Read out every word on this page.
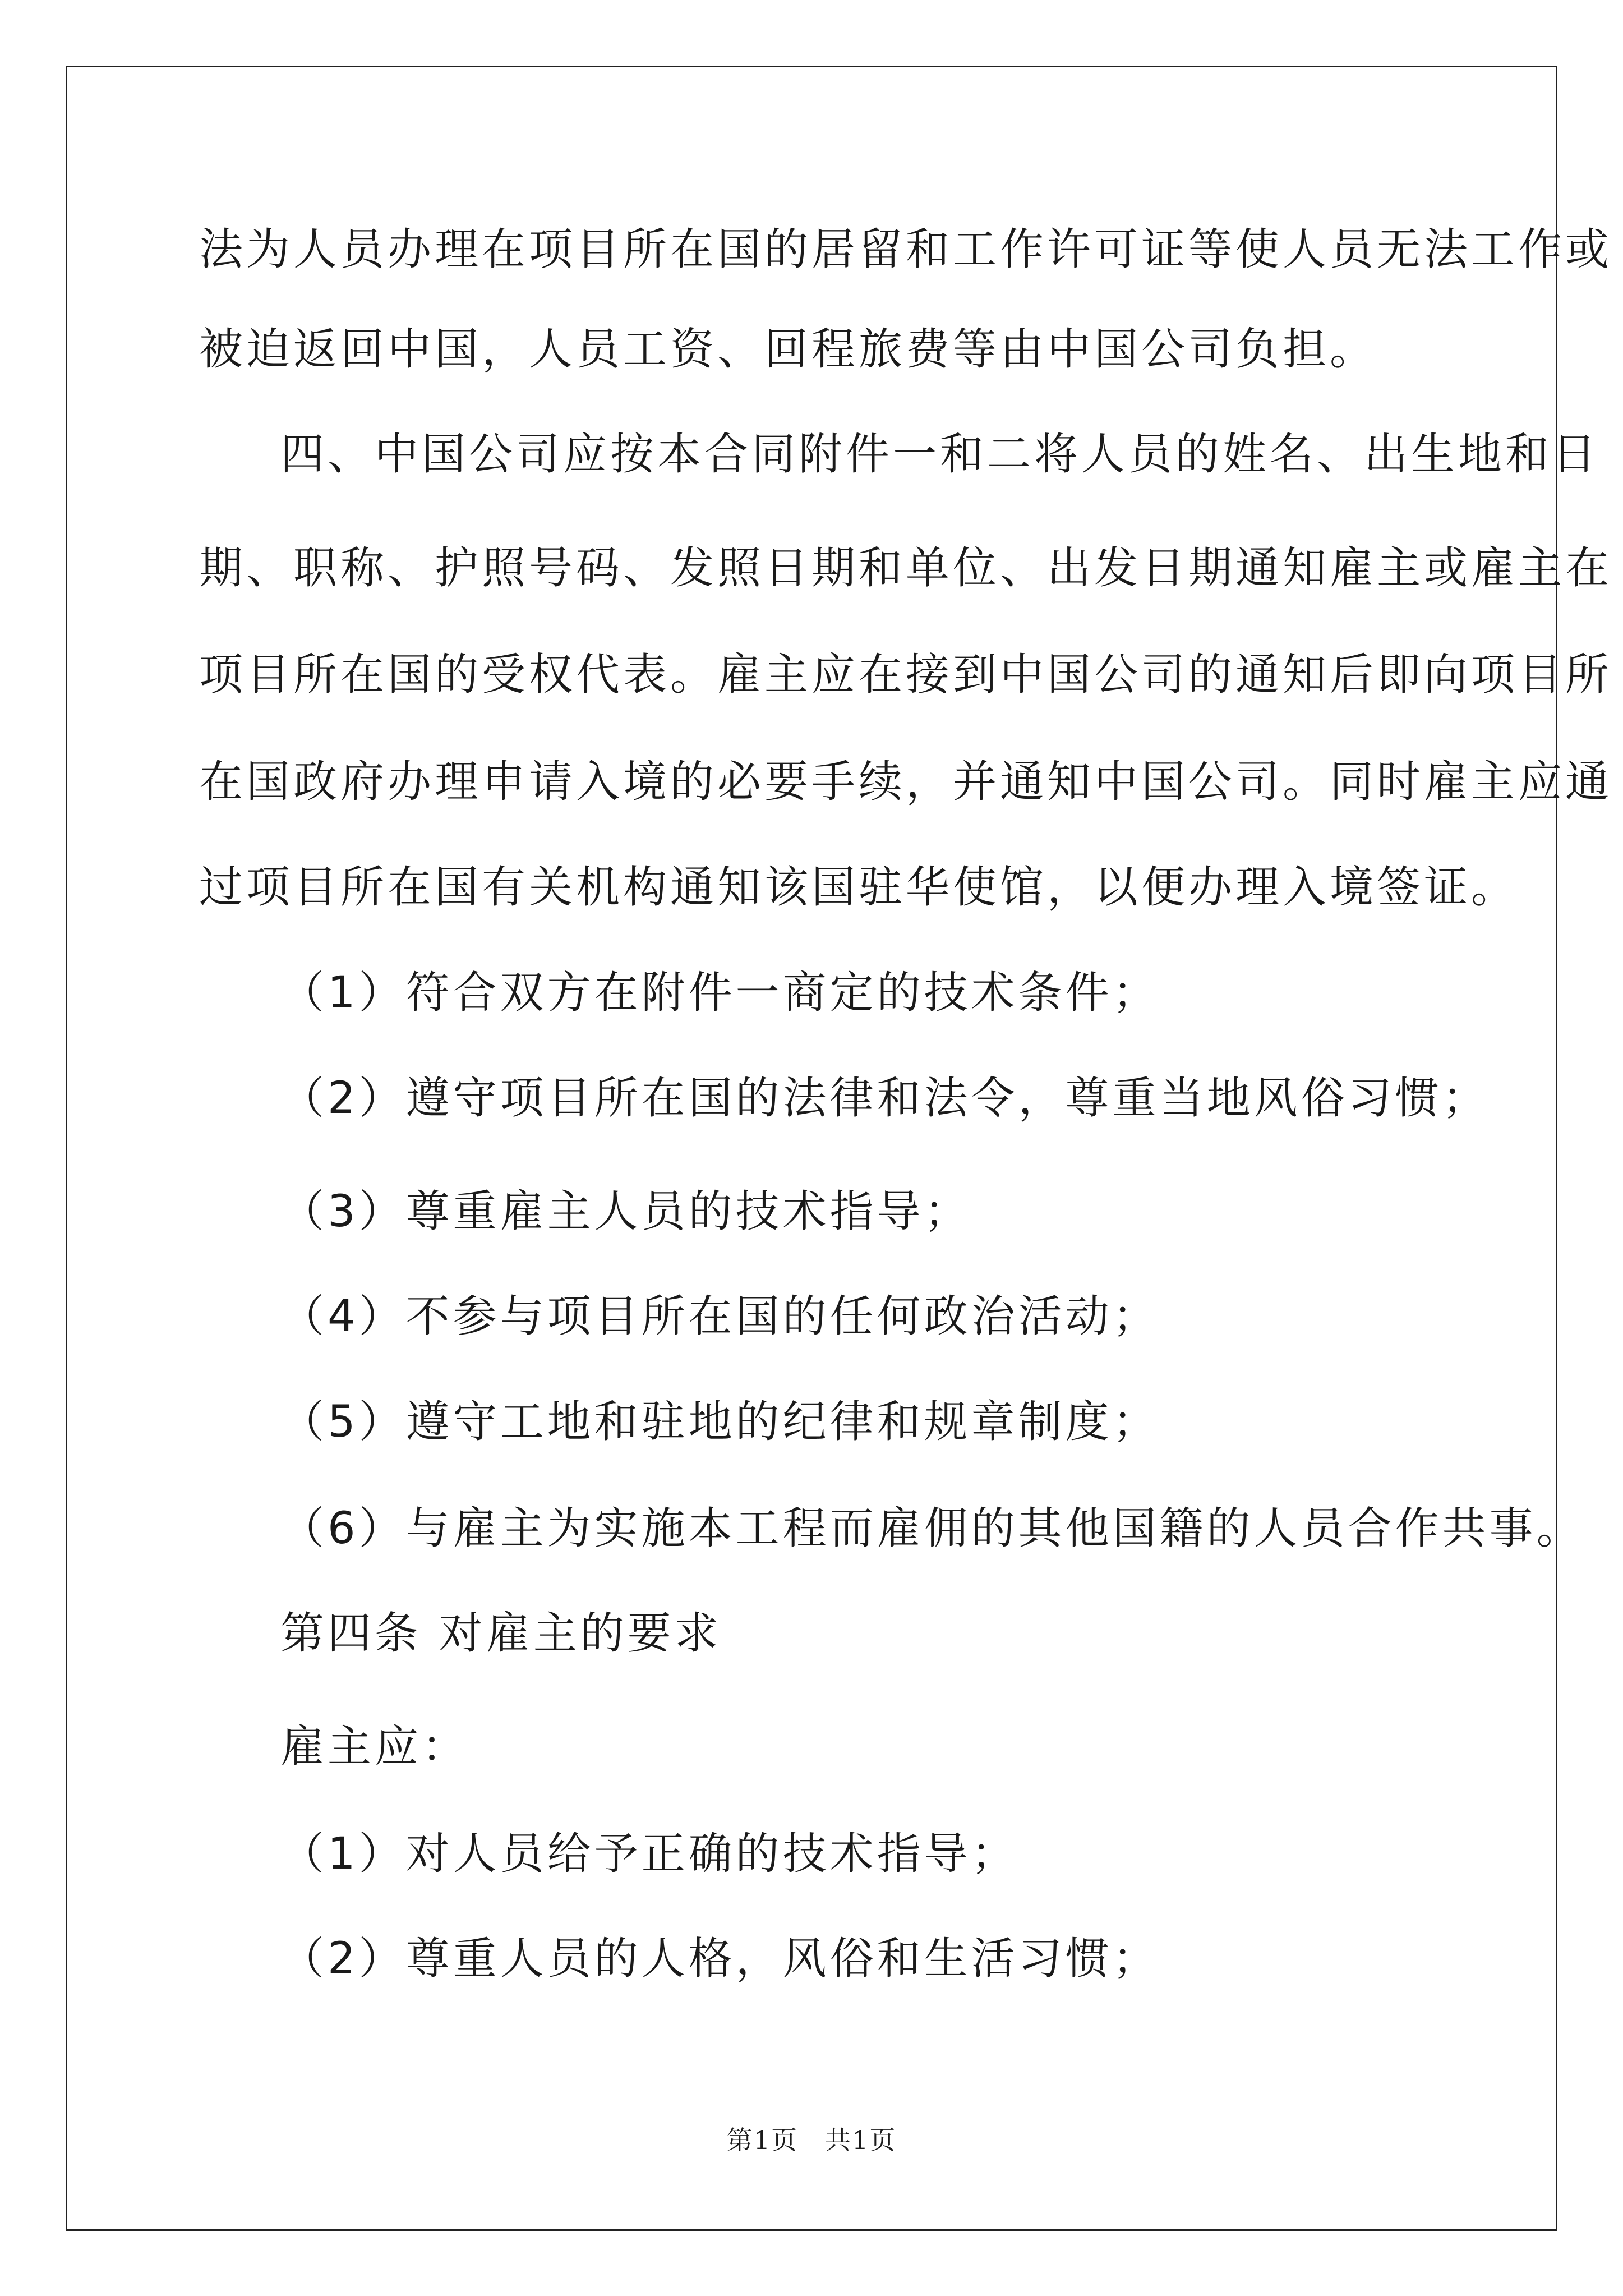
法为人员办理在项目所在国的居留和工作许可证等使人员无法工作或
被迫返回中国，人员工资、回程旅费等由中国公司负担。
四、中国公司应按本合同附件一和二将人员的姓名、出生地和日
期、职称、护照号码、发照日期和单位、出发日期通知雇主或雇主在
项目所在国的受权代表。雇主应在接到中国公司的通知后即向项目所
在国政府办理申请入境的必要手续，并通知中国公司。同时雇主应通
过项目所在国有关机构通知该国驻华使馆，以便办理入境签证。
（1）符合双方在附件一商定的技术条件；
（2）遵守项目所在国的法律和法令，尊重当地风俗习惯；
（3）尊重雇主人员的技术指导；
（4）不参与项目所在国的任何政治活动；
（5）遵守工地和驻地的纪律和规章制度；
（6）与雇主为实施本工程而雇佣的其他国籍的人员合作共事。
第四条 对雇主的要求
雇主应：
（1）对人员给予正确的技术指导；
（2）尊重人员的人格，风俗和生活习惯；
第1页　共1页
